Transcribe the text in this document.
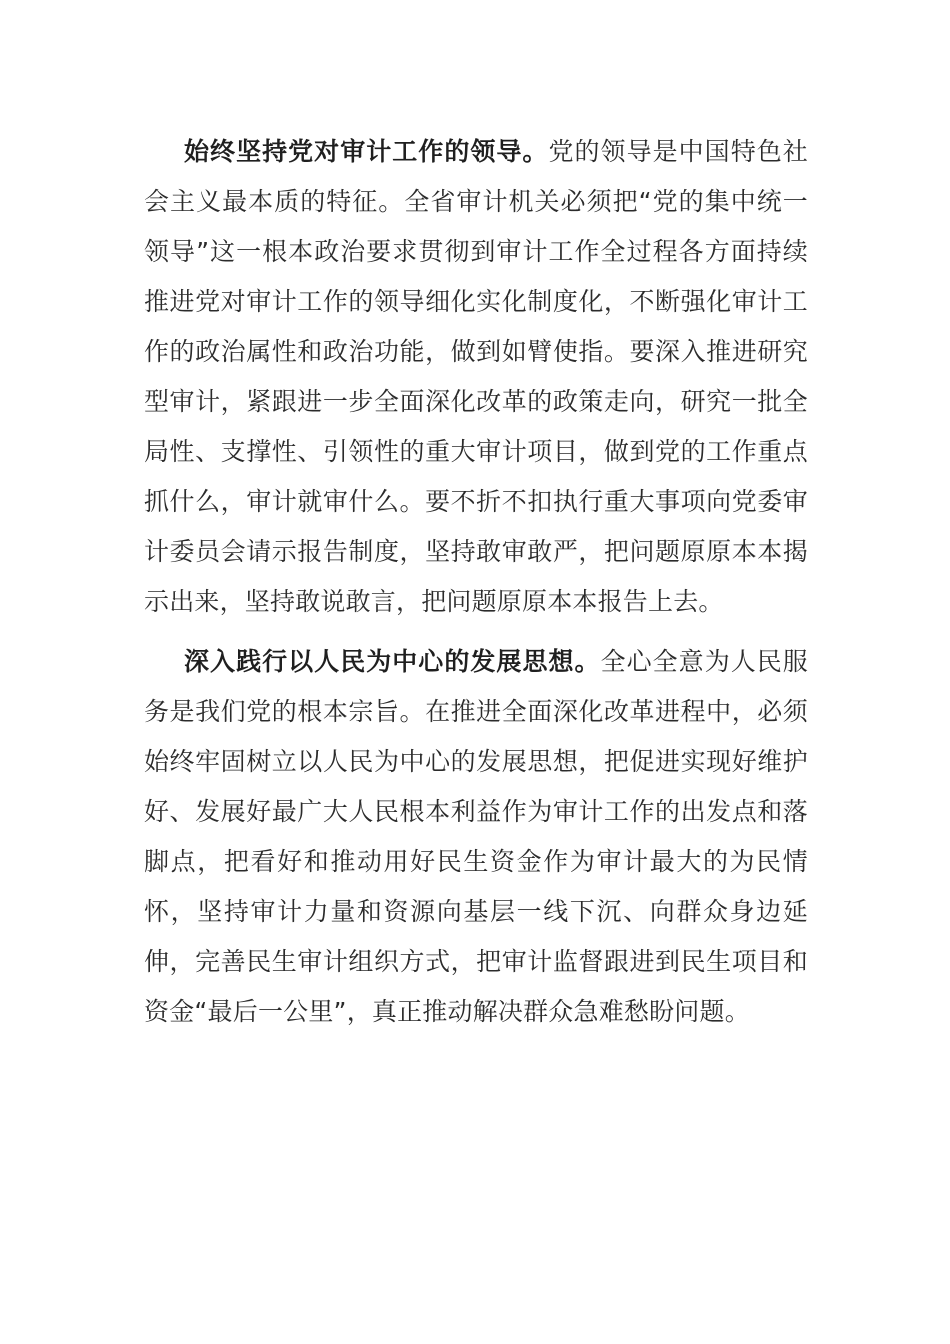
始终坚持党对审计工作的领导。党的领导是中国特色社会主义最本质的特征。全省审计机关必须把“党的集中统一领导”这一根本政治要求贯彻到审计工作全过程各方面持续推进党对审计工作的领导细化实化制度化，不断强化审计工作的政治属性和政治功能，做到如臂使指。要深入推进研究型审计，紧跟进一步全面深化改革的政策走向，研究一批全局性、支撑性、引领性的重大审计项目，做到党的工作重点抓什么，审计就审什么。要不折不扣执行重大事项向党委审计委员会请示报告制度，坚持敢审敢严，把问题原原本本揭示出来，坚持敢说敢言，把问题原原本本报告上去。

深入践行以人民为中心的发展思想。全心全意为人民服务是我们党的根本宗旨。在推进全面深化改革进程中，必须始终牢固树立以人民为中心的发展思想，把促进实现好维护好、发展好最广大人民根本利益作为审计工作的出发点和落脚点，把看好和推动用好民生资金作为审计最大的为民情怀，坚持审计力量和资源向基层一线下沉、向群众身边延伸，完善民生审计组织方式，把审计监督跟进到民生项目和资金“最后一公里”，真正推动解决群众急难愁盼问题。
